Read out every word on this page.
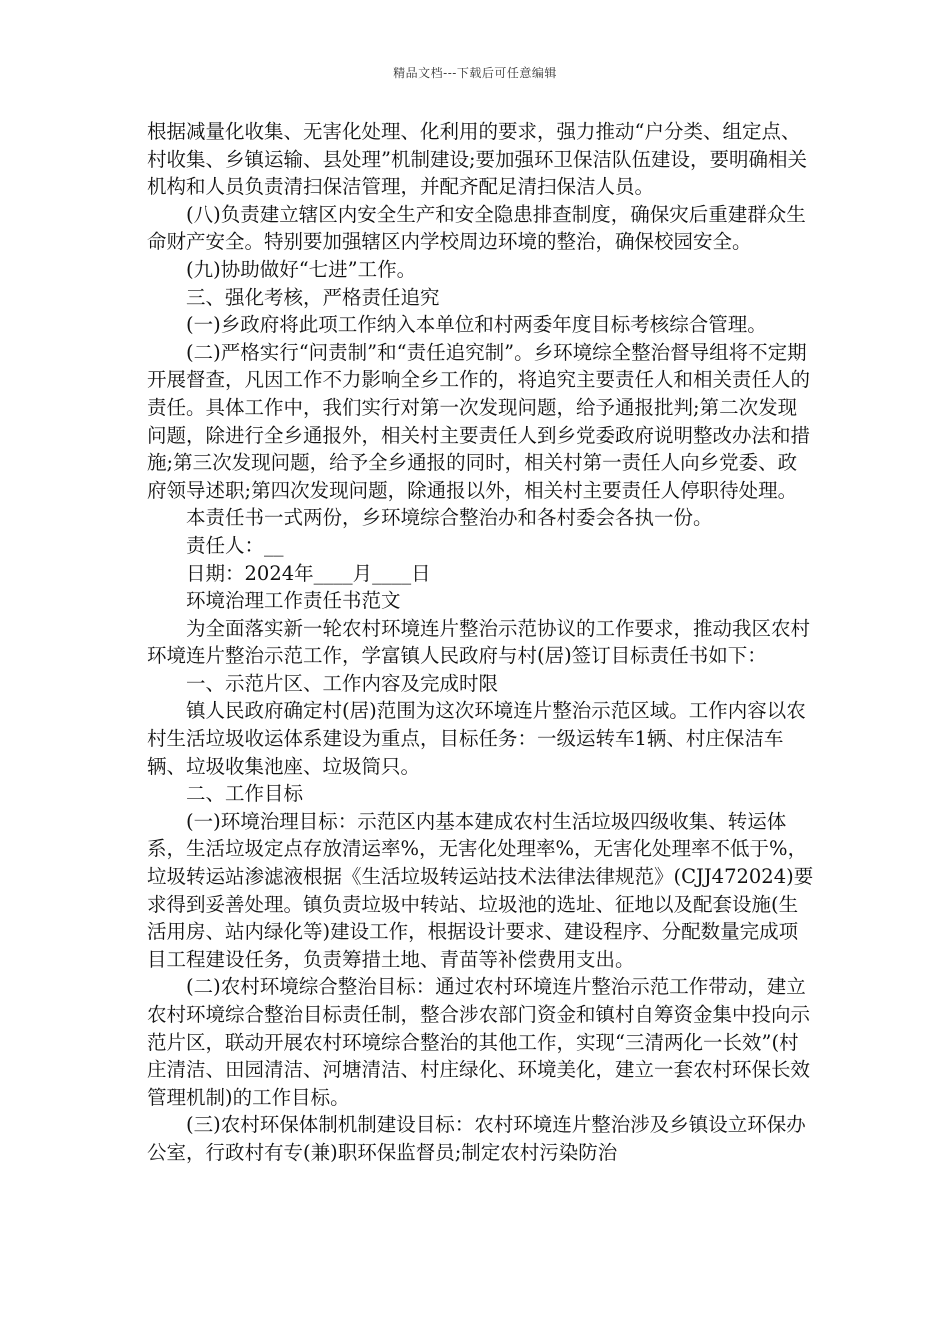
精品文档---下载后可任意编辑

根据减量化收集、无害化处理、化利用的要求，强力推动“户分类、组定点、村收集、乡镇运输、县处理”机制建设;要加强环卫保洁队伍建设，要明确相关机构和人员负责清扫保洁管理，并配齐配足清扫保洁人员。

(八)负责建立辖区内安全生产和安全隐患排查制度，确保灾后重建群众生命财产安全。特别要加强辖区内学校周边环境的整治，确保校园安全。

(九)协助做好“七进”工作。

三、强化考核，严格责任追究

(一)乡政府将此项工作纳入本单位和村两委年度目标考核综合管理。

(二)严格实行“问责制”和“责任追究制”。乡环境综全整治督导组将不定期开展督查，凡因工作不力影响全乡工作的，将追究主要责任人和相关责任人的责任。具体工作中，我们实行对第一次发现问题，给予通报批判;第二次发现问题，除进行全乡通报外，相关村主要责任人到乡党委政府说明整改办法和措施;第三次发现问题，给予全乡通报的同时，相关村第一责任人向乡党委、政府领导述职;第四次发现问题，除通报以外，相关村主要责任人停职待处理。

本责任书一式两份，乡环境综合整治办和各村委会各执一份。

责任人：__

日期：2024年____月____日

环境治理工作责任书范文

为全面落实新一轮农村环境连片整治示范协议的工作要求，推动我区农村环境连片整治示范工作，学富镇人民政府与村(居)签订目标责任书如下：

一、示范片区、工作内容及完成时限

镇人民政府确定村(居)范围为这次环境连片整治示范区域。工作内容以农村生活垃圾收运体系建设为重点，目标任务：一级运转车1辆、村庄保洁车辆、垃圾收集池座、垃圾筒只。

二、工作目标

(一)环境治理目标：示范区内基本建成农村生活垃圾四级收集、转运体系，生活垃圾定点存放清运率%，无害化处理率%，无害化处理率不低于%，垃圾转运站渗滤液根据《生活垃圾转运站技术法律法律规范》(CJJ472024)要求得到妥善处理。镇负责垃圾中转站、垃圾池的选址、征地以及配套设施(生活用房、站内绿化等)建设工作，根据设计要求、建设程序、分配数量完成项目工程建设任务，负责筹措土地、青苗等补偿费用支出。

(二)农村环境综合整治目标：通过农村环境连片整治示范工作带动，建立农村环境综合整治目标责任制，整合涉农部门资金和镇村自筹资金集中投向示范片区，联动开展农村环境综合整治的其他工作，实现“三清两化一长效”(村庄清洁、田园清洁、河塘清洁、村庄绿化、环境美化，建立一套农村环保长效管理机制)的工作目标。

(三)农村环保体制机制建设目标：农村环境连片整治涉及乡镇设立环保办公室，行政村有专(兼)职环保监督员;制定农村污染防治
